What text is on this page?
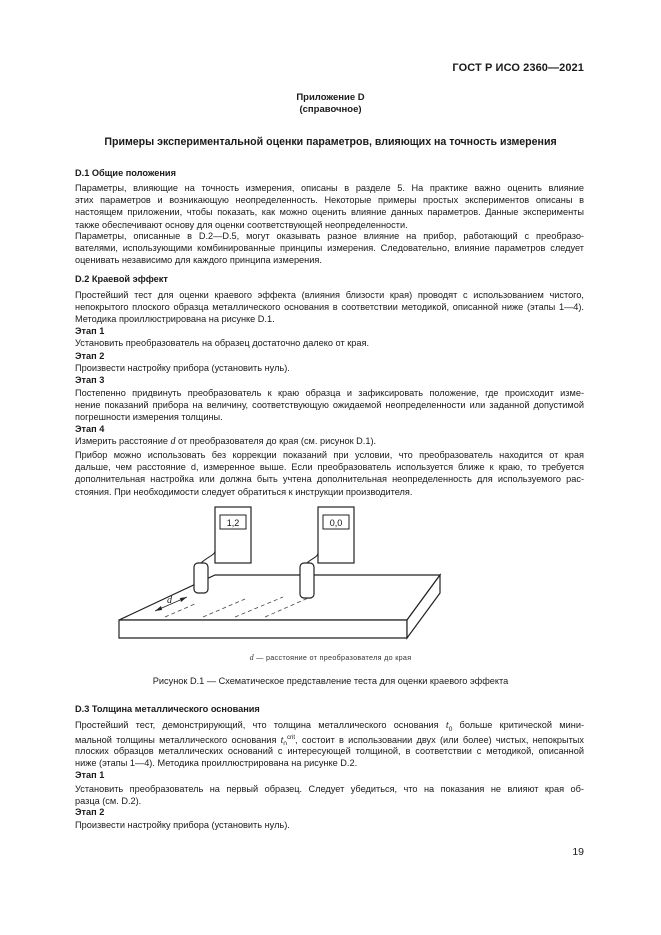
ГОСТ Р ИСО 2360—2021
Приложение D
(справочное)
Примеры экспериментальной оценки параметров, влияющих на точность измерения
D.1 Общие положения
Параметры, влияющие на точность измерения, описаны в разделе 5. На практике важно оценить влияние
этих параметров и возникающую неопределенность. Некоторые примеры простых экспериментов описаны в
настоящем приложении, чтобы показать, как можно оценить влияние данных параметров. Данные эксперименты
также обеспечивают основу для оценки соответствующей неопределенности.
Параметры, описанные в D.2—D.5, могут оказывать разное влияние на прибор, работающий с преобразо-
вателями, использующими комбинированные принципы измерения. Следовательно, влияние параметров следует
оценивать независимо для каждого принципа измерения.
D.2 Краевой эффект
Простейший тест для оценки краевого эффекта (влияния близости края) проводят с использованием чистого,
непокрытого плоского образца металлического основания в соответствии методикой, описанной ниже (этапы 1—4).
Методика проиллюстрирована на рисунке D.1.
Этап 1
Установить преобразователь на образец достаточно далеко от края.
Этап 2
Произвести настройку прибора (установить нуль).
Этап 3
Постепенно придвинуть преобразователь к краю образца и зафиксировать положение, где происходит изме-
нение показаний прибора на величину, соответствующую ожидаемой неопределенности или заданной допустимой
погрешности измерения толщины.
Этап 4
Измерить расстояние d от преобразователя до края (см. рисунок D.1).
Прибор можно использовать без коррекции показаний при условии, что преобразователь находится от края
дальше, чем расстояние d, измеренное выше. Если преобразователь используется ближе к краю, то требуется
дополнительная настройка или должна быть учтена дополнительная неопределенность для используемого рас-
стояния. При необходимости следует обратиться к инструкции производителя.
d
1,2	0,0
d — расстояние от преобразователя до края
Рисунок D.1 — Схематическое представление теста для оценки краевого эффекта
D.3 Толщина металлического основания
Простейший тест, демонстрирующий, что толщина металлического основания $t_0$ больше критической мини-
мальной толщины металлического основания $t_0^{crit}$, состоит в использовании двух (или более) чистых, непокрытых
плоских образцов металлических оснований с интересующей толщиной, в соответствии с методикой, описанной
ниже (этапы 1—4). Методика проиллюстрирована на рисунке D.2.
Этап 1
Установить преобразователь на первый образец. Следует убедиться, что на показания не влияют края об-
разца (см. D.2).
Этап 2
Произвести настройку прибора (установить нуль).
19
